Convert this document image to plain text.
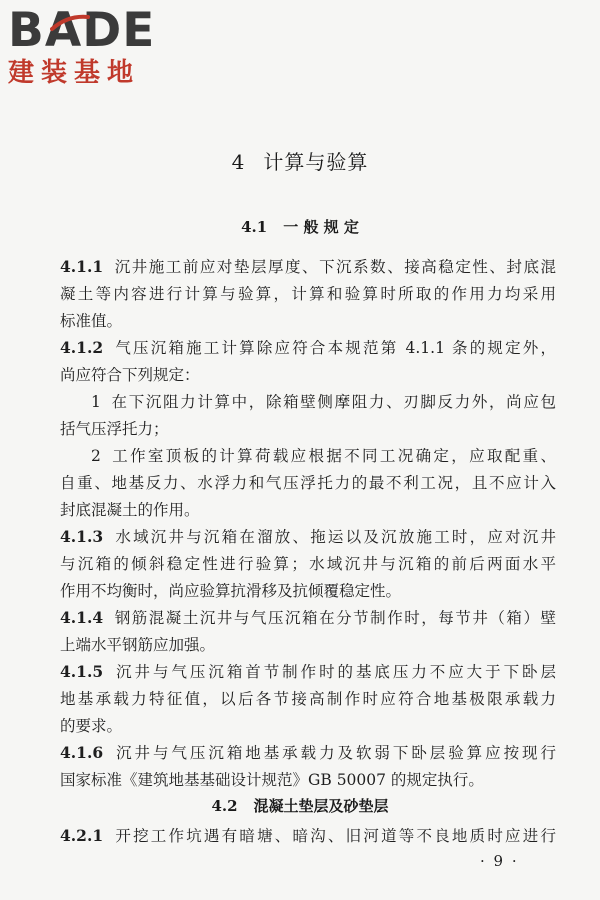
BADE
建装基地
4 计算与验算
4.1 一 般 规 定
4.1.1 沉井施工前应对垫层厚度、下沉系数、接高稳定性、封底混
凝土等内容进行计算与验算，计算和验算时所取的作用力均采用
标准值。
4.1.2 气压沉箱施工计算除应符合本规范第 4.1.1 条的规定外，
尚应符合下列规定：
1 在下沉阻力计算中，除箱壁侧摩阻力、刃脚反力外，尚应包
括气压浮托力；
2 工作室顶板的计算荷载应根据不同工况确定，应取配重、
自重、地基反力、水浮力和气压浮托力的最不利工况，且不应计入
封底混凝土的作用。
4.1.3 水域沉井与沉箱在溜放、拖运以及沉放施工时，应对沉井
与沉箱的倾斜稳定性进行验算；水域沉井与沉箱的前后两面水平
作用不均衡时，尚应验算抗滑移及抗倾覆稳定性。
4.1.4 钢筋混凝土沉井与气压沉箱在分节制作时，每节井（箱）壁
上端水平钢筋应加强。
4.1.5 沉井与气压沉箱首节制作时的基底压力不应大于下卧层
地基承载力特征值，以后各节接高制作时应符合地基极限承载力
的要求。
4.1.6 沉井与气压沉箱地基承载力及软弱下卧层验算应按现行
国家标准《建筑地基基础设计规范》GB 50007 的规定执行。
4.2 混凝土垫层及砂垫层
4.2.1 开挖工作坑遇有暗塘、暗沟、旧河道等不良地质时应进行
· 9 ·
